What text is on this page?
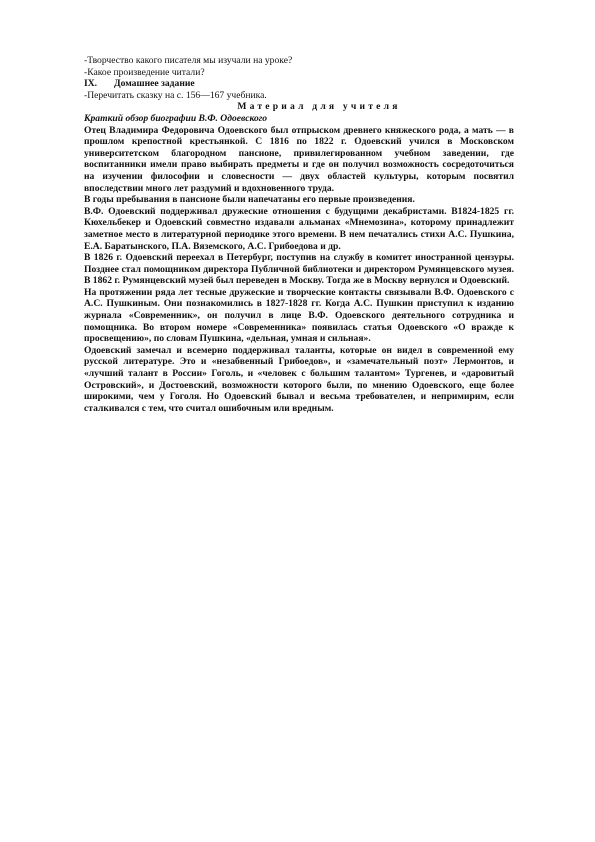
-Творчество какого писателя мы изучали на уроке?
-Какое произведение читали?
IX. Домашнее задание
-Перечитать сказку на с. 156—167 учебника.
Материал для учителя
Краткий обзор биографии В.Ф. Одоевского
Отец Владимира Федоровича Одоевского был отпрыском древнего княжеского рода, а мать — в прошлом крепостной крестьянкой. С 1816 по 1822 г. Одоевский учился в Московском университетском благородном пансионе, привилегированном учебном заведении, где воспитанники имели право выбирать предметы и где он получил возможность сосредоточиться на изучении философии и словесности — двух областей культуры, которым посвятил впоследствии много лет раздумий и вдохновенного труда.
В годы пребывания в пансионе были напечатаны его первые произведения.
В.Ф. Одоевский поддерживал дружеские отношения с будущими декабристами. В1824-1825 гг. Кюхельбекер и Одоевский совместно издавали альманах «Мнемозина», которому принадлежит заметное место в литературной периодике этого времени. В нем печатались стихи А.С. Пушкина, Е.А. Баратынского, П.А. Вяземского, А.С. Грибоедова и др.
В 1826 г. Одоевский переехал в Петербург, поступив на службу в комитет иностранной цензуры. Позднее стал помощником директора Публичной библиотеки и директором Румянцевского музея. В 1862 г. Румянцевский музей был переведен в Москву. Тогда же в Москву вернулся и Одоевский.
На протяжении ряда лет тесные дружеские и творческие контакты связывали В.Ф. Одоевского с А.С. Пушкиным. Они познакомились в 1827-1828 гг. Когда А.С. Пушкин приступил к изданию журнала «Современник», он получил в лице В.Ф. Одоевского деятельного сотрудника и помощника. Во втором номере «Современника» появилась статья Одоевского «О вражде к просвещению», по словам Пушкина, «дельная, умная и сильная».
Одоевский замечал и всемерно поддерживал таланты, которые он видел в современной ему русской литературе. Это и «незабвенный Грибоедов», и «замечательный поэт» Лермонтов, и «лучший талант в России» Гоголь, и «человек с большим талантом» Тургенев, и «даровитый Островский», и Достоевский, возможности которого были, по мнению Одоевского, еще более широкими, чем у Гоголя. Но Одоевский бывал и весьма требователен, и непримирим, если сталкивался с тем, что считал ошибочным или вредным.
